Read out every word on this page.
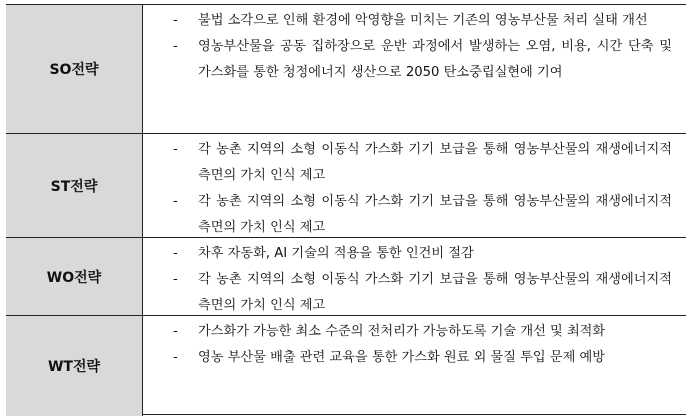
SO전략
- 불법 소각으로 인해 환경에 악영향을 미치는 기존의 영농부산물 처리 실태 개선
- 영농부산물을 공동 집하장으로 운반 과정에서 발생하는 오염, 비용, 시간 단축 및 가스화를 통한 청정에너지 생산으로 2050 탄소중립실현에 기여
ST전략
- 각 농촌 지역의 소형 이동식 가스화 기기 보급을 통해 영농부산물의 재생에너지적 측면의 가치 인식 제고
- 각 농촌 지역의 소형 이동식 가스화 기기 보급을 통해 영농부산물의 재생에너지적 측면의 가치 인식 제고
WO전략
- 차후 자동화, AI 기술의 적용을 통한 인건비 절감
- 각 농촌 지역의 소형 이동식 가스화 기기 보급을 통해 영농부산물의 재생에너지적 측면의 가치 인식 제고
WT전략
- 가스화가 가능한 최소 수준의 전처리가 가능하도록 기술 개선 및 최적화
- 영농 부산물 배출 관련 교육을 통한 가스화 원료 외 물질 투입 문제 예방
